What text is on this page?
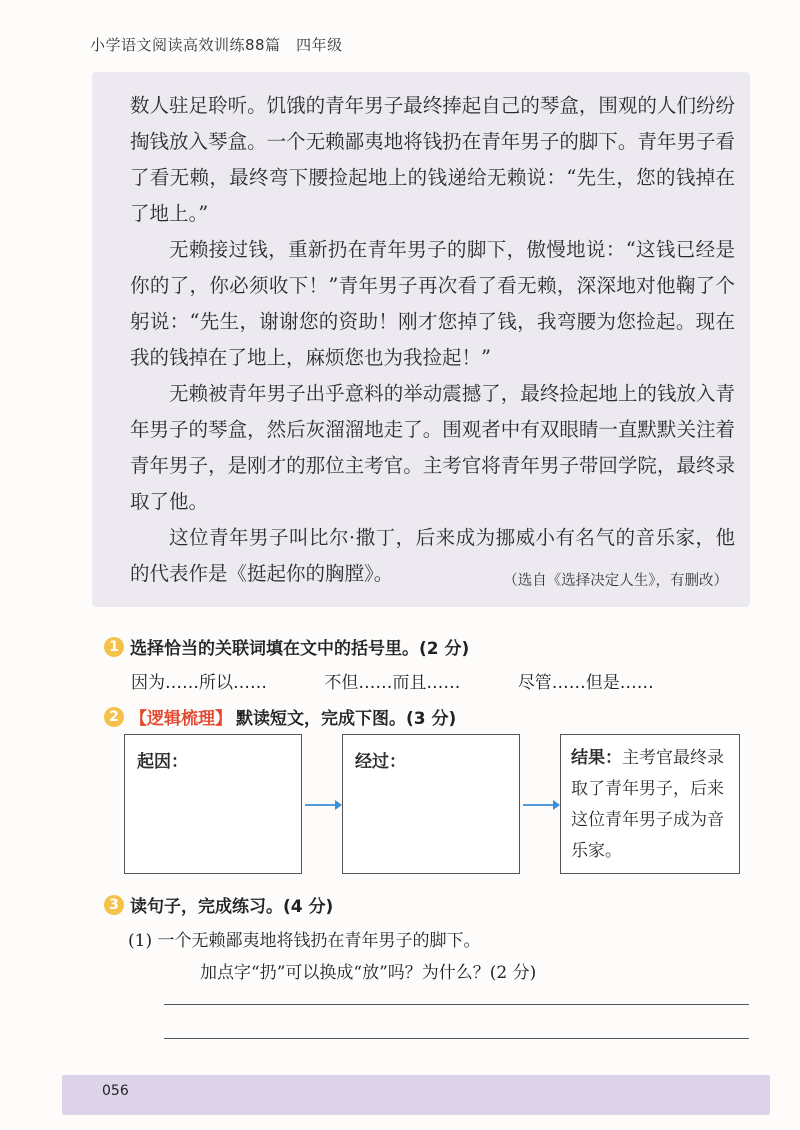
小学语文阅读高效训练88篇　四年级

数人驻足聆听。饥饿的青年男子最终捧起自己的琴盒，围观的人们纷纷掏钱放入琴盒。一个无赖鄙夷地将钱扔在青年男子的脚下。青年男子看了看无赖，最终弯下腰捡起地上的钱递给无赖说：“先生，您的钱掉在了地上。”

无赖接过钱，重新扔在青年男子的脚下，傲慢地说：“这钱已经是你的了，你必须收下！”青年男子再次看了看无赖，深深地对他鞠了个躬说：“先生，谢谢您的资助！刚才您掉了钱，我弯腰为您捡起。现在我的钱掉在了地上，麻烦您也为我捡起！”

无赖被青年男子出乎意料的举动震撼了，最终捡起地上的钱放入青年男子的琴盒，然后灰溜溜地走了。围观者中有双眼睛一直默默关注着青年男子，是刚才的那位主考官。主考官将青年男子带回学院，最终录取了他。

这位青年男子叫比尔·撒丁，后来成为挪威小有名气的音乐家，他的代表作是《挺起你的胸膛》。	（选自《选择决定人生》，有删改）
1 选择恰当的关联词填在文中的括号里。(2 分)
因为……所以……	不但……而且……	尽管……但是……
2 【逻辑梳理】 默读短文，完成下图。(3 分)
起因：	经过：	结果：主考官最终录取了青年男子，后来这位青年男子成为音乐家。
3 读句子，完成练习。(4 分)
(1) 一个无赖鄙夷地将钱扔在青年男子的脚下。
加点字“扔”可以换成“放”吗？为什么？(2 分)
056
